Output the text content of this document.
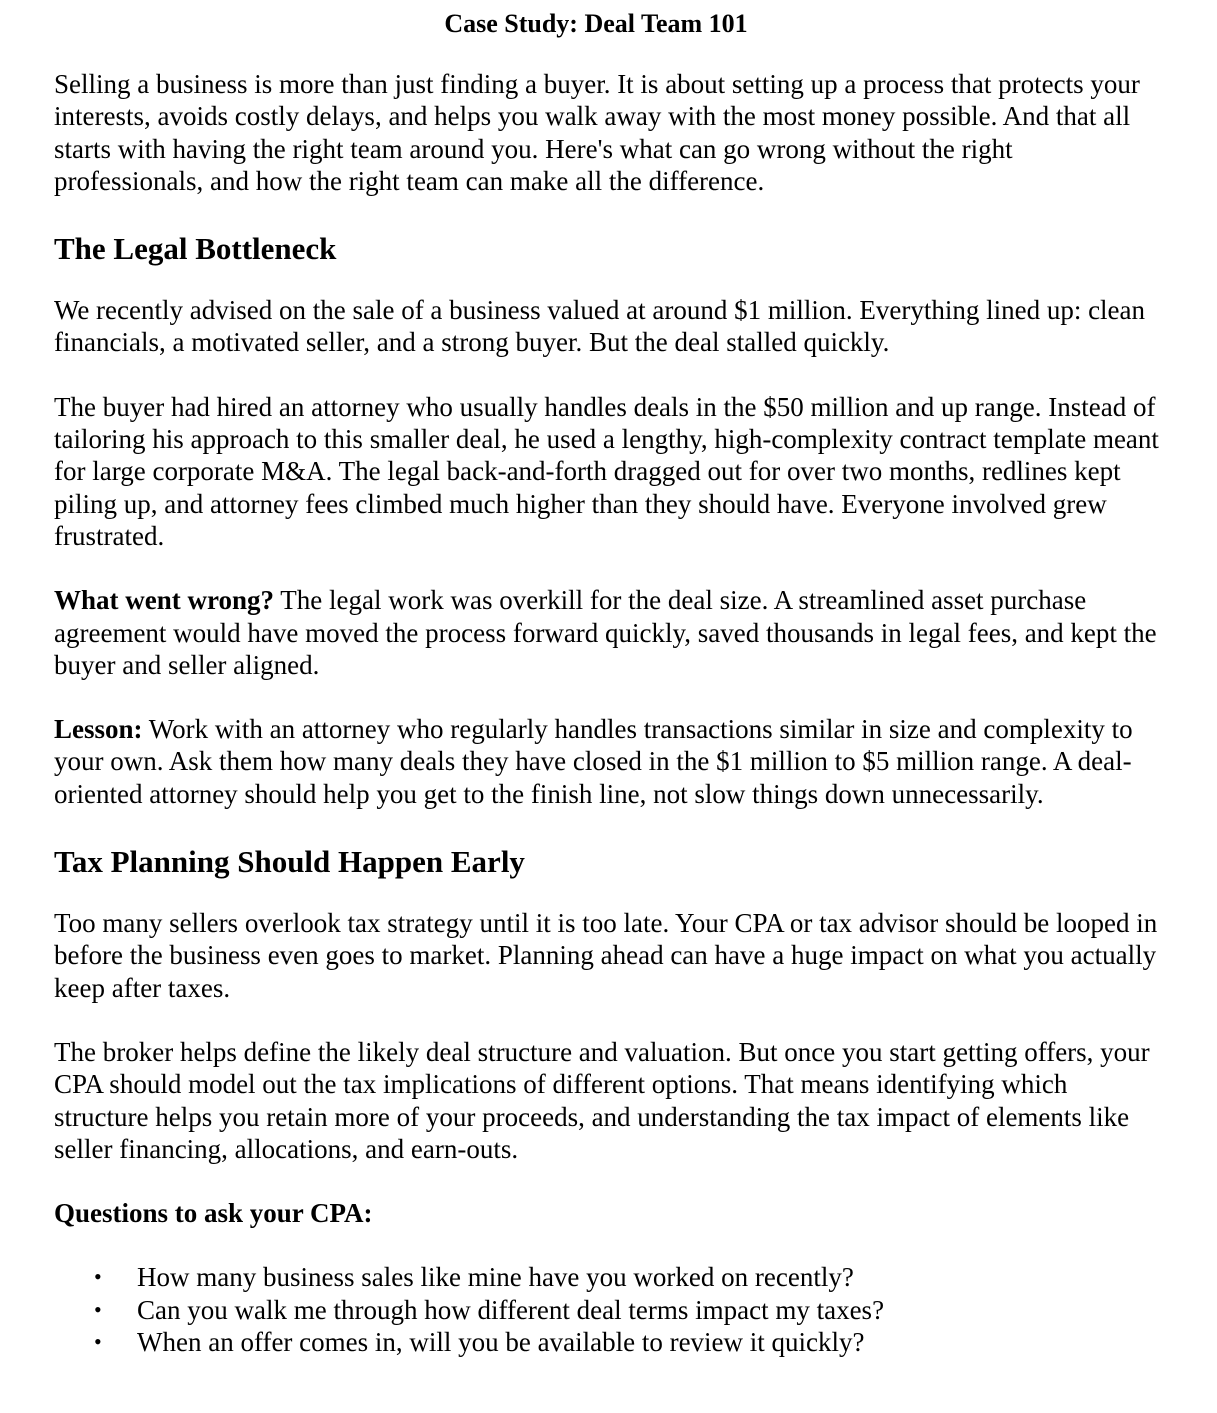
Case Study: Deal Team 101

Selling a business is more than just finding a buyer. It is about setting up a process that protects your interests, avoids costly delays, and helps you walk away with the most money possible. And that all starts with having the right team around you. Here's what can go wrong without the right professionals, and how the right team can make all the difference.

The Legal Bottleneck

We recently advised on the sale of a business valued at around $1 million. Everything lined up: clean financials, a motivated seller, and a strong buyer. But the deal stalled quickly.

The buyer had hired an attorney who usually handles deals in the $50 million and up range. Instead of tailoring his approach to this smaller deal, he used a lengthy, high-complexity contract template meant for large corporate M&A. The legal back-and-forth dragged out for over two months, redlines kept piling up, and attorney fees climbed much higher than they should have. Everyone involved grew frustrated.

What went wrong? The legal work was overkill for the deal size. A streamlined asset purchase agreement would have moved the process forward quickly, saved thousands in legal fees, and kept the buyer and seller aligned.

Lesson: Work with an attorney who regularly handles transactions similar in size and complexity to your own. Ask them how many deals they have closed in the $1 million to $5 million range. A deal-oriented attorney should help you get to the finish line, not slow things down unnecessarily.

Tax Planning Should Happen Early

Too many sellers overlook tax strategy until it is too late. Your CPA or tax advisor should be looped in before the business even goes to market. Planning ahead can have a huge impact on what you actually keep after taxes.

The broker helps define the likely deal structure and valuation. But once you start getting offers, your CPA should model out the tax implications of different options. That means identifying which structure helps you retain more of your proceeds, and understanding the tax impact of elements like seller financing, allocations, and earn-outs.

Questions to ask your CPA:
• How many business sales like mine have you worked on recently?
• Can you walk me through how different deal terms impact my taxes?
• When an offer comes in, will you be available to review it quickly?
